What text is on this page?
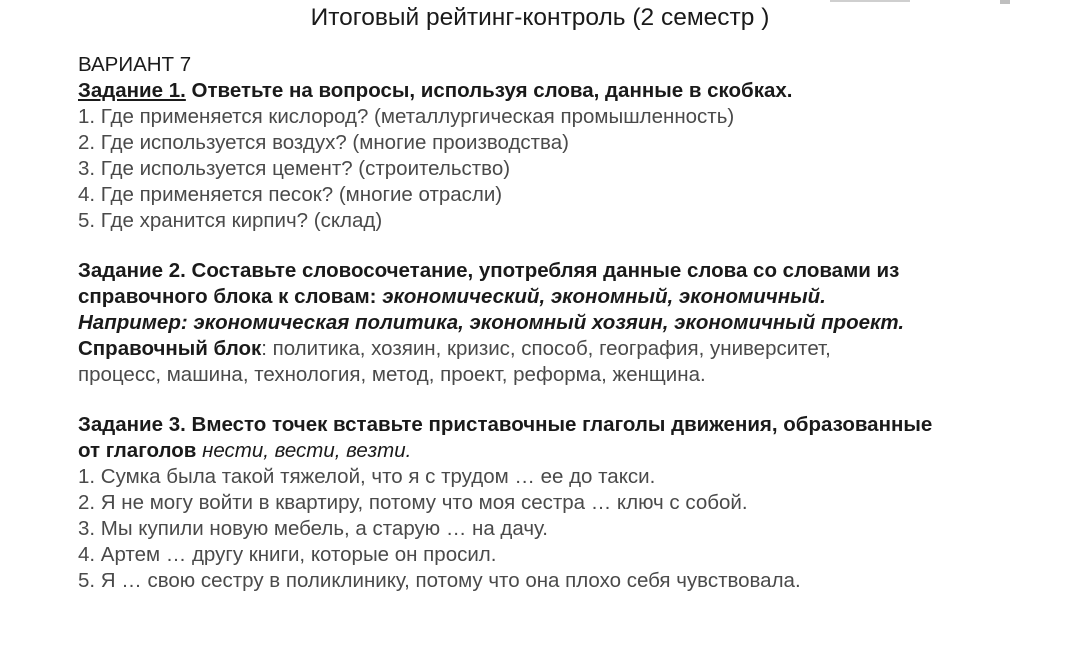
Итоговый рейтинг-контроль (2 семестр )
ВАРИАНТ 7
Задание 1. Ответьте на вопросы, используя слова, данные в скобках.
1. Где применяется кислород? (металлургическая промышленность)
2. Где используется воздух? (многие производства)
3. Где используется цемент? (строительство)
4. Где применяется песок? (многие отрасли)
5. Где хранится кирпич? (склад)
Задание 2. Составьте словосочетание, употребляя данные слова со словами из
справочного блока к словам: экономический, экономный, экономичный.
Например: экономическая политика, экономный хозяин, экономичный проект.
Справочный блок: политика, хозяин, кризис, способ, география, университет,
процесс, машина, технология, метод, проект, реформа, женщина.
Задание 3. Вместо точек вставьте приставочные глаголы движения, образованные
от глаголов нести, вести, везти.
1. Сумка была такой тяжелой, что я с трудом … ее до такси.
2. Я не могу войти в квартиру, потому что моя сестра … ключ с собой.
3. Мы купили новую мебель, а старую … на дачу.
4. Артем … другу книги, которые он просил.
5. Я … свою сестру в поликлинику, потому что она плохо себя чувствовала.
